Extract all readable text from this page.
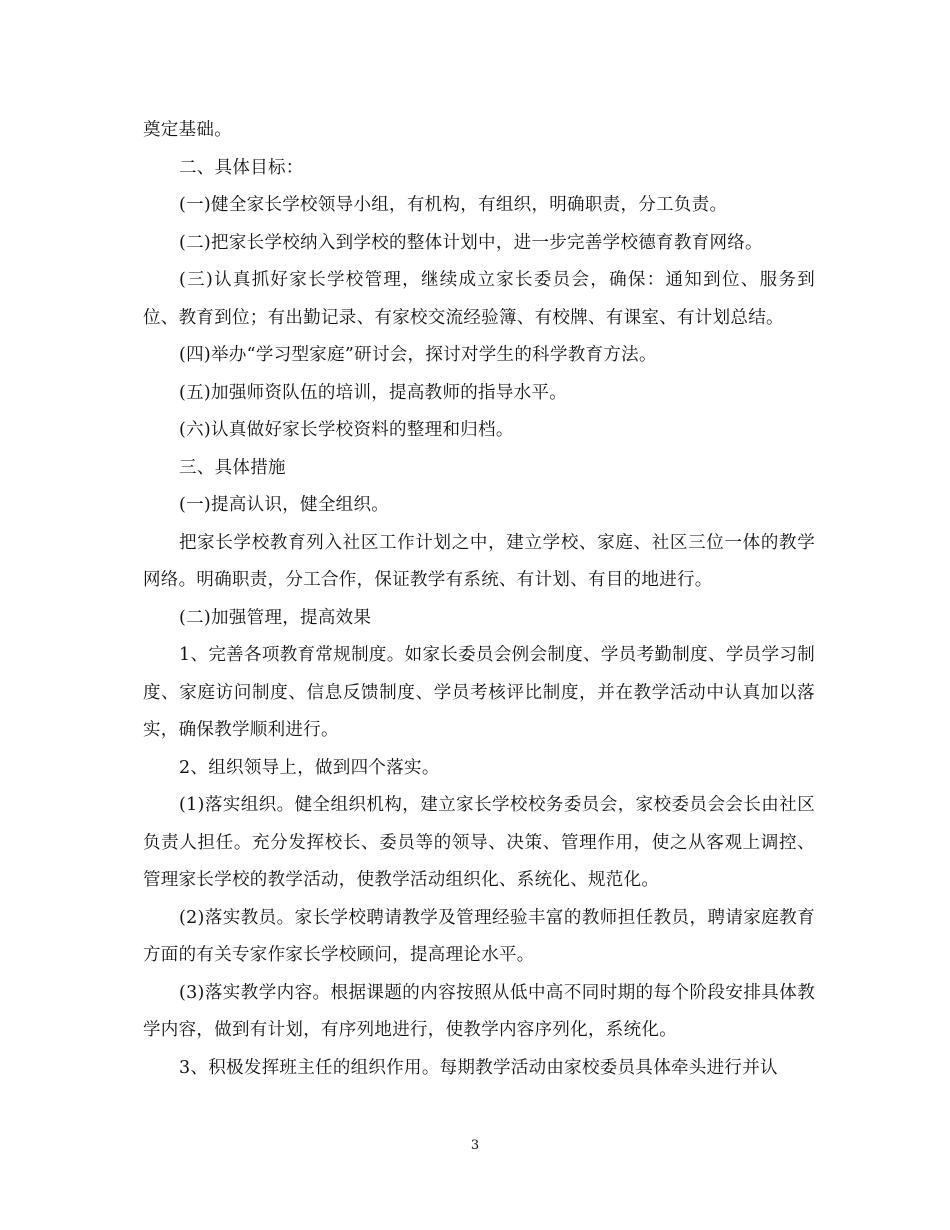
奠定基础。

二、具体目标：

(一)健全家长学校领导小组，有机构，有组织，明确职责，分工负责。

(二)把家长学校纳入到学校的整体计划中，进一步完善学校德育教育网络。

(三)认真抓好家长学校管理，继续成立家长委员会，确保：通知到位、服务到位、教育到位；有出勤记录、有家校交流经验簿、有校牌、有课室、有计划总结。

(四)举办“学习型家庭”研讨会，探讨对学生的科学教育方法。

(五)加强师资队伍的培训，提高教师的指导水平。

(六)认真做好家长学校资料的整理和归档。

三、具体措施

(一)提高认识，健全组织。

把家长学校教育列入社区工作计划之中，建立学校、家庭、社区三位一体的教学网络。明确职责，分工合作，保证教学有系统、有计划、有目的地进行。

(二)加强管理，提高效果

1、完善各项教育常规制度。如家长委员会例会制度、学员考勤制度、学员学习制度、家庭访问制度、信息反馈制度、学员考核评比制度，并在教学活动中认真加以落实，确保教学顺利进行。

2、组织领导上，做到四个落实。

(1)落实组织。健全组织机构，建立家长学校校务委员会，家校委员会会长由社区负责人担任。充分发挥校长、委员等的领导、决策、管理作用，使之从客观上调控、管理家长学校的教学活动，使教学活动组织化、系统化、规范化。

(2)落实教员。家长学校聘请教学及管理经验丰富的教师担任教员，聘请家庭教育方面的有关专家作家长学校顾问，提高理论水平。

(3)落实教学内容。根据课题的内容按照从低中高不同时期的每个阶段安排具体教学内容，做到有计划，有序列地进行，使教学内容序列化，系统化。

3、积极发挥班主任的组织作用。每期教学活动由家校委员具体牵头进行并认

3
